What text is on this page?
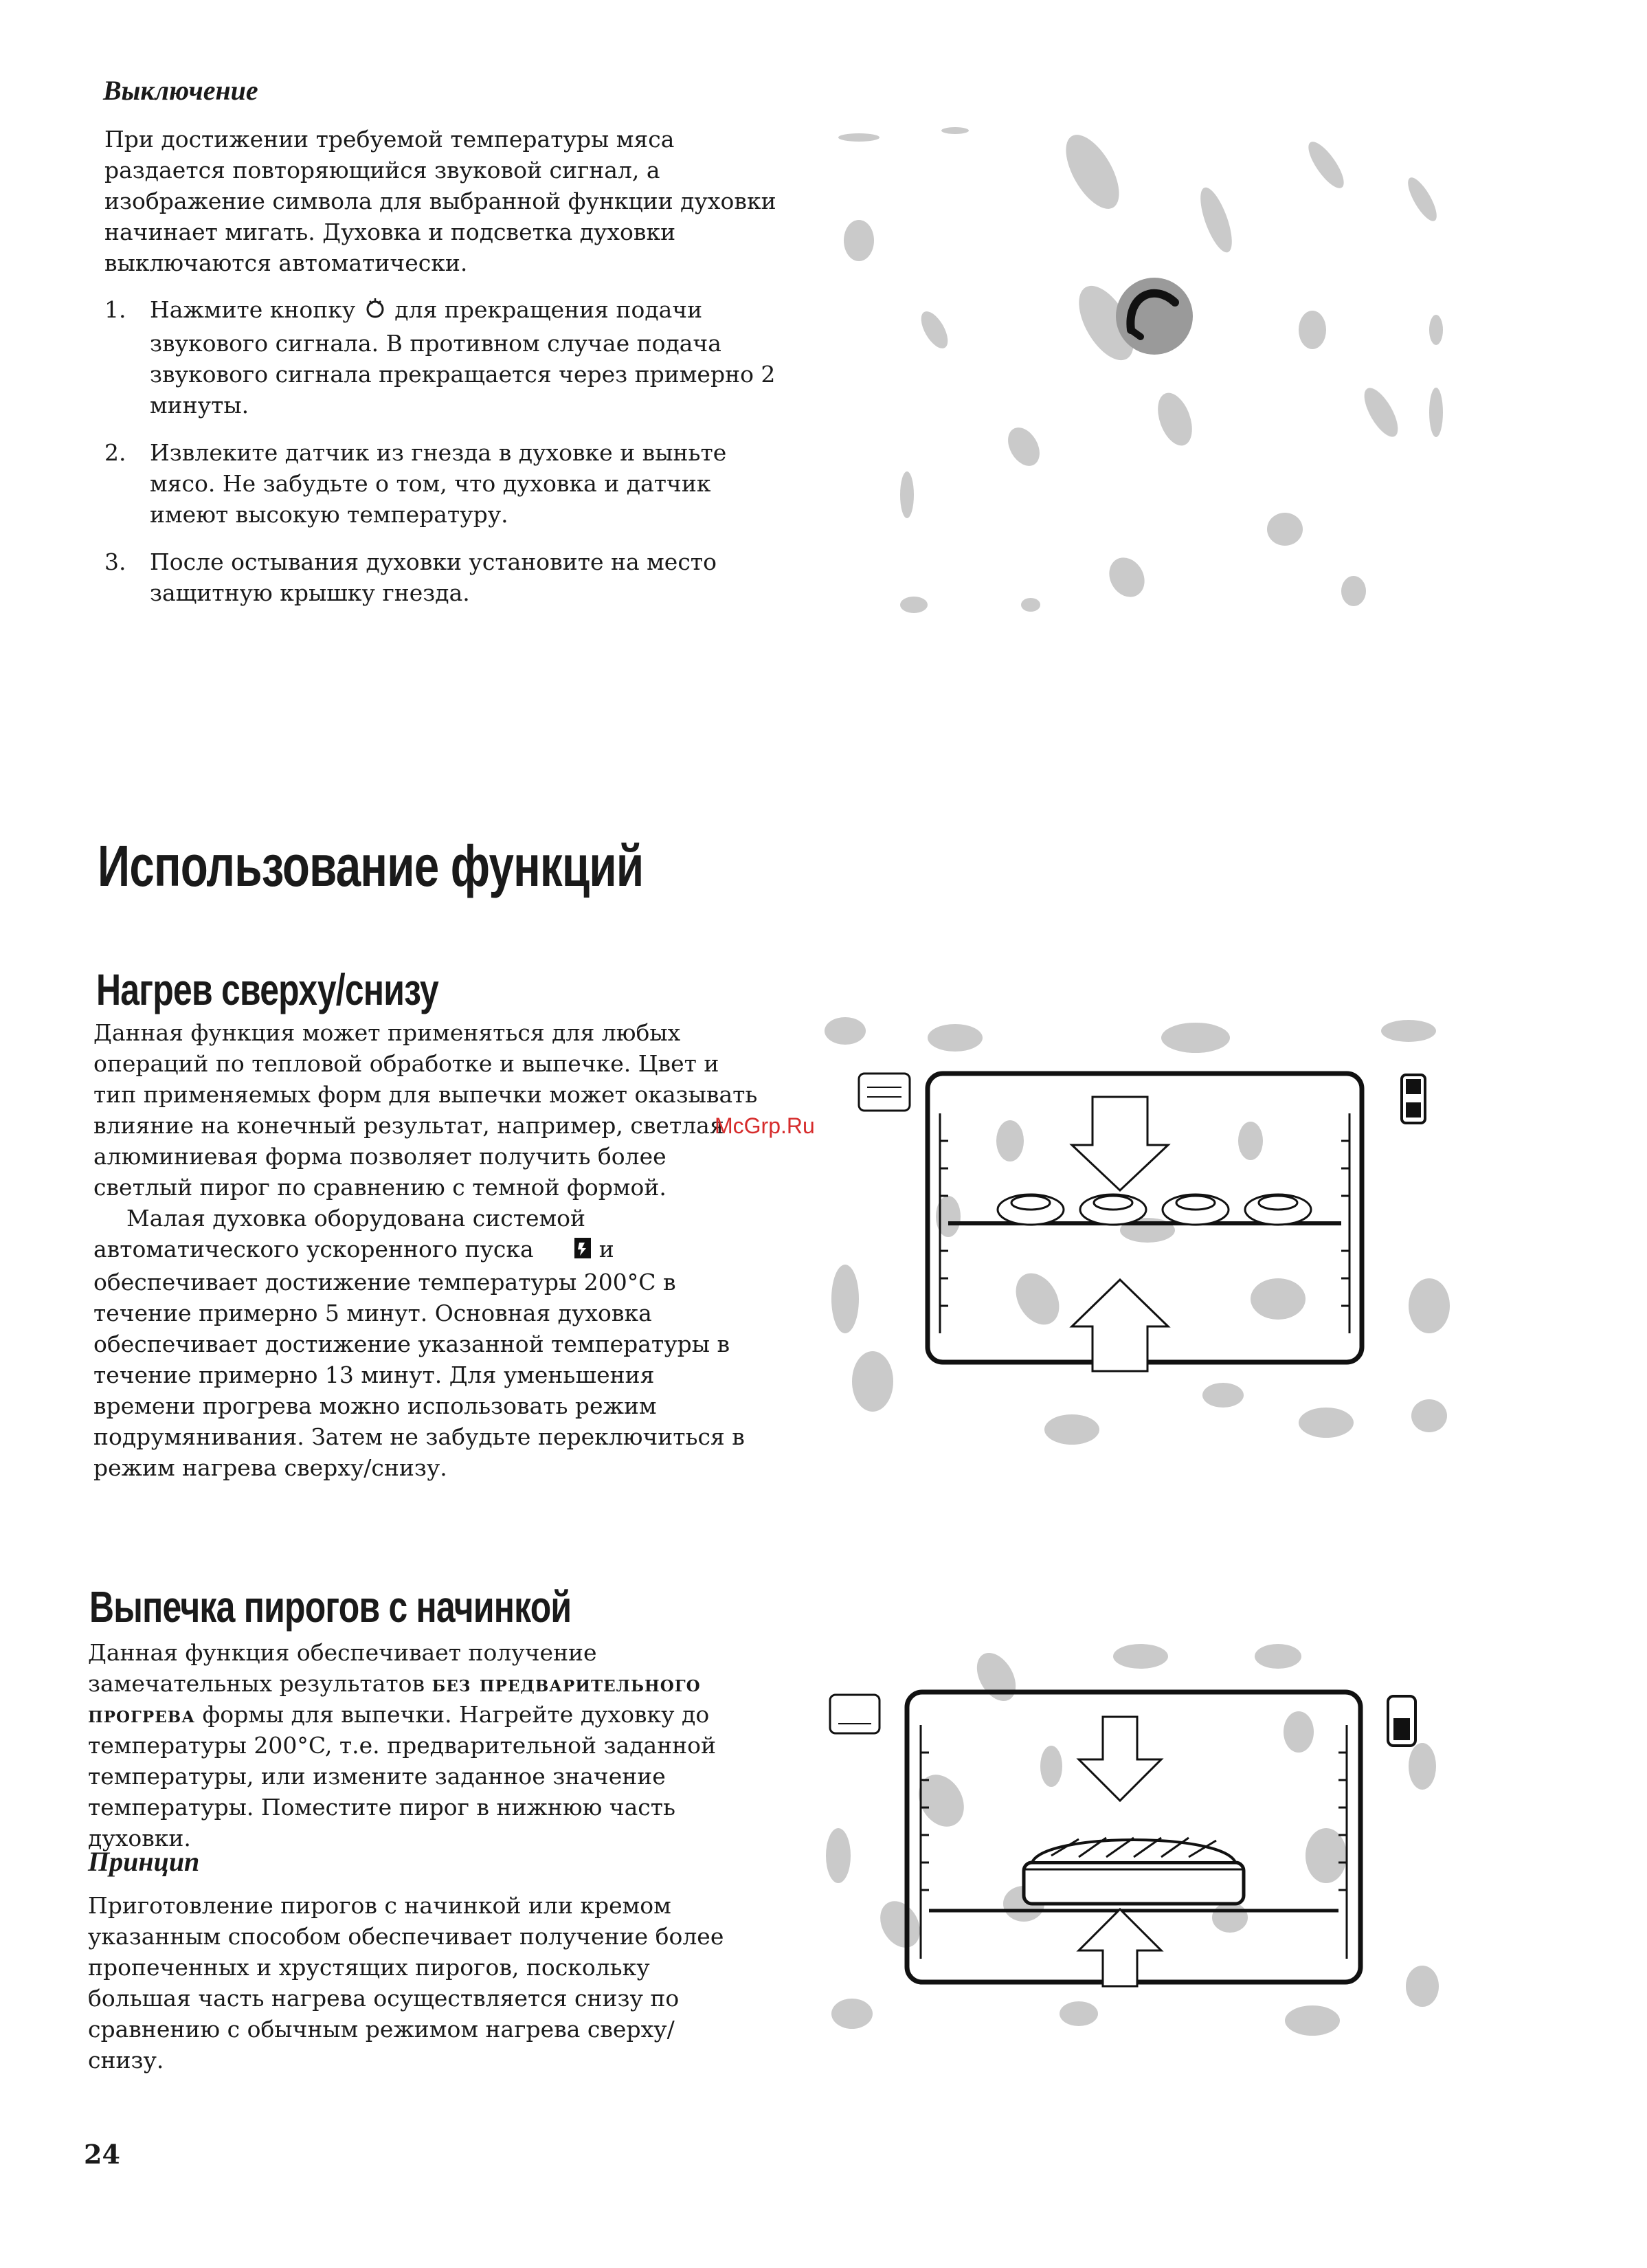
Выключение

При достижении требуемой температуры мяса раздается повторяющийся звуковой сигнал, а изображение символа для выбранной функции духовки начинает мигать. Духовка и подсветка духовки выключаются автоматически.

1. Нажмите кнопку для прекращения подачи звукового сигнала. В противном случае подача звукового сигнала прекращается через примерно 2 минуты.
2. Извлеките датчик из гнезда в духовке и выньте мясо. Не забудьте о том, что духовка и датчик имеют высокую температуру.
3. После остывания духовки установите на место защитную крышку гнезда.
Использование функций
Нагрев сверху/снизу

Данная функция может применяться для любых операций по тепловой обработке и выпечке. Цвет и тип применяемых форм для выпечки может оказывать влияние на конечный результат, например, светлая алюминиевая форма позволяет получить более светлый пирог по сравнению с темной формой.

Малая духовка оборудована системой автоматического ускоренного пуска	и обеспечивает достижение температуры 200°C в течение примерно 5 минут. Основная духовка обеспечивает достижение указанной температуры в течение примерно 13 минут. Для уменьшения времени прогрева можно использовать режим подрумянивания. Затем не забудьте переключиться в режим нагрева сверху/снизу.

McGrp.Ru
Выпечка пирогов с начинкой

Данная функция обеспечивает получение замечательных результатов без предварительного прогрева формы для выпечки. Нагрейте духовку до температуры 200°C, т.е. предварительной заданной температуры, или измените заданное значение температуры. Поместите пирог в нижнюю часть духовки.

Принцип

Приготовление пирогов с начинкой или кремом указанным способом обеспечивает получение более пропеченных и хрустящих пирогов, поскольку большая часть нагрева осуществляется снизу по сравнению с обычным режимом нагрева сверху/снизу.

24
